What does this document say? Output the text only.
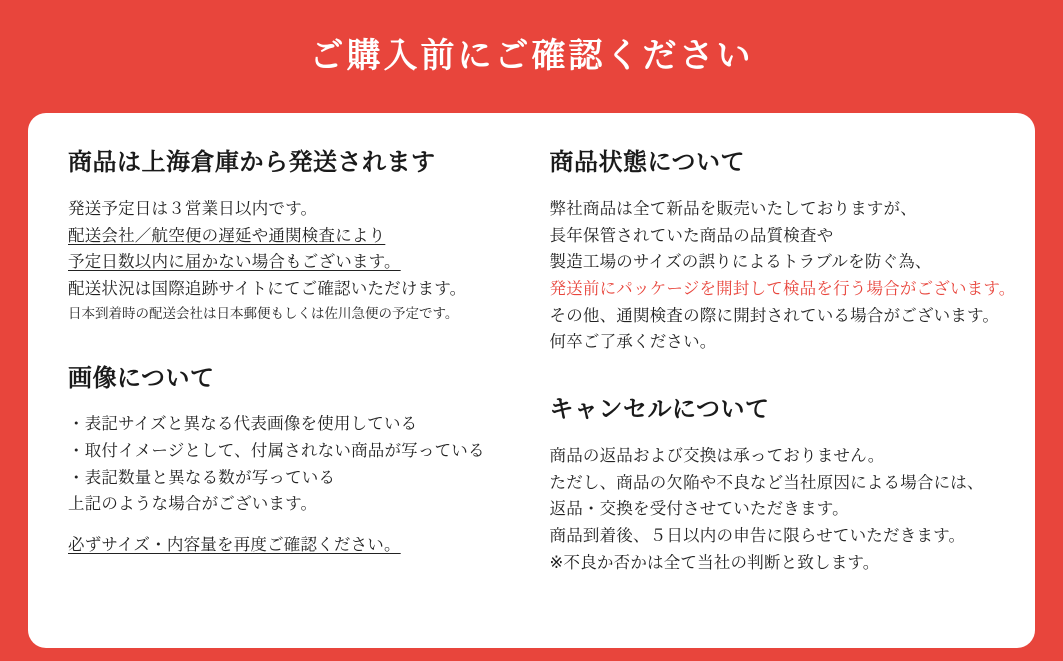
ご購入前にご確認ください
商品は上海倉庫から発送されます
発送予定日は３営業日以内です。
配送会社／航空便の遅延や通関検査により
予定日数以内に届かない場合もございます。
配送状況は国際追跡サイトにてご確認いただけます。
日本到着時の配送会社は日本郵便もしくは佐川急便の予定です。
画像について
・表記サイズと異なる代表画像を使用している
・取付イメージとして、付属されない商品が写っている
・表記数量と異なる数が写っている
上記のような場合がございます。
必ずサイズ・内容量を再度ご確認ください。
商品状態について
弊社商品は全て新品を販売いたしておりますが、
長年保管されていた商品の品質検査や
製造工場のサイズの誤りによるトラブルを防ぐ為、
発送前にパッケージを開封して検品を行う場合がございます。
その他、通関検査の際に開封されている場合がございます。
何卒ご了承ください。
キャンセルについて
商品の返品および交換は承っておりません。
ただし、商品の欠陥や不良など当社原因による場合には、
返品・交換を受付させていただきます。
商品到着後、５日以内の申告に限らせていただきます。
※不良か否かは全て当社の判断と致します。
